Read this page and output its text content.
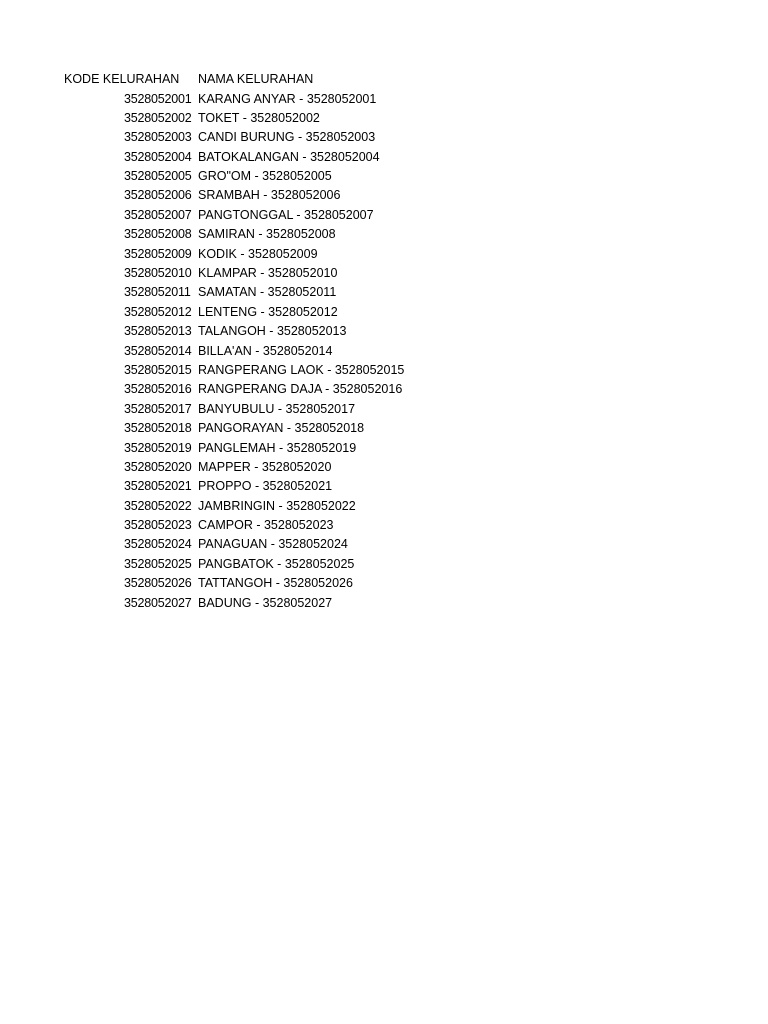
KODE KELURAHAN NAMA KELURAHAN
3528052001 KARANG ANYAR - 3528052001
3528052002 TOKET - 3528052002
3528052003 CANDI BURUNG - 3528052003
3528052004 BATOKALANGAN - 3528052004
3528052005 GRO"OM - 3528052005
3528052006 SRAMBAH - 3528052006
3528052007 PANGTONGGAL - 3528052007
3528052008 SAMIRAN - 3528052008
3528052009 KODIK - 3528052009
3528052010 KLAMPAR - 3528052010
3528052011 SAMATAN - 3528052011
3528052012 LENTENG - 3528052012
3528052013 TALANGOH - 3528052013
3528052014 BILLA'AN - 3528052014
3528052015 RANGPERANG LAOK - 3528052015
3528052016 RANGPERANG DAJA - 3528052016
3528052017 BANYUBULU - 3528052017
3528052018 PANGORAYAN - 3528052018
3528052019 PANGLEMAH - 3528052019
3528052020 MAPPER - 3528052020
3528052021 PROPPO - 3528052021
3528052022 JAMBRINGIN - 3528052022
3528052023 CAMPOR - 3528052023
3528052024 PANAGUAN - 3528052024
3528052025 PANGBATOK - 3528052025
3528052026 TATTANGOH - 3528052026
3528052027 BADUNG - 3528052027
